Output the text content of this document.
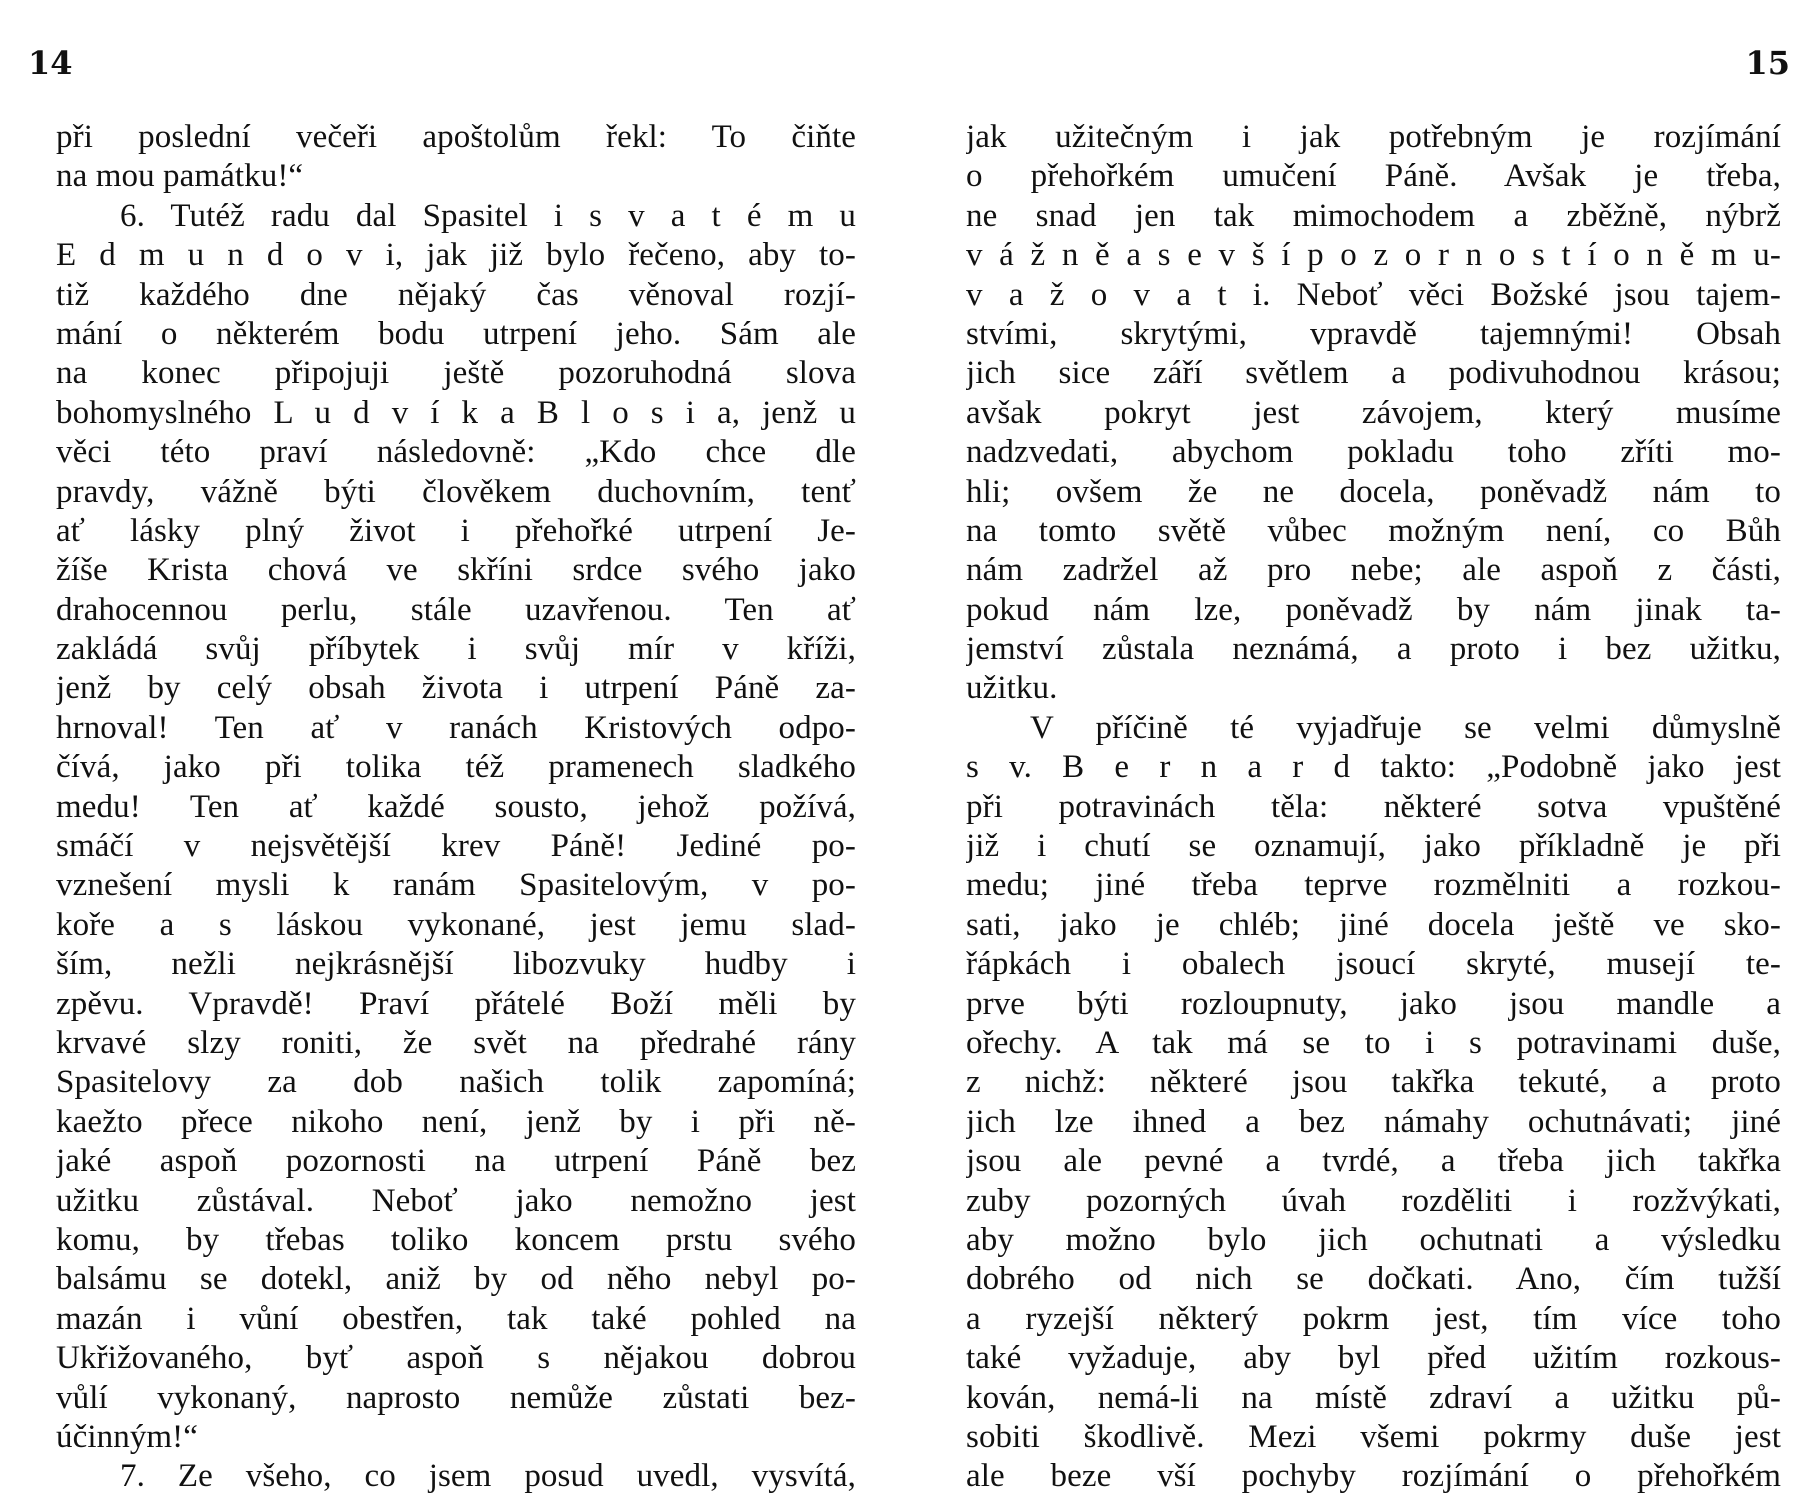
14
při poslední večeři apoštolům řekl: To čiňte
na mou památku!“
6. Tutéž radu dal Spasitel i s v a t é m u
E d m u n d o v i, jak již bylo řečeno, aby to-
tiž každého dne nějaký čas věnoval rozjí-
mání o některém bodu utrpení jeho. Sám ale
na konec připojuji ještě pozoruhodná slova
bohomyslného L u d v í k a B l o s i a, jenž u
věci této praví následovně: „Kdo chce dle
pravdy, vážně býti člověkem duchovním, tenť
ať lásky plný život i přehořké utrpení Je-
žíše Krista chová ve skříni srdce svého jako
drahocennou perlu, stále uzavřenou. Ten ať
zakládá svůj příbytek i svůj mír v kříži,
jenž by celý obsah života i utrpení Páně za-
hrnoval! Ten ať v ranách Kristových odpo-
čívá, jako při tolika též pramenech sladkého
medu! Ten ať každé sousto, jehož požívá,
smáčí v nejsvětější krev Páně! Jediné po-
vznešení mysli k ranám Spasitelovým, v po-
koře a s láskou vykonané, jest jemu slad-
ším, nežli nejkrásnější libozvuky hudby i
zpěvu. Vpravdě! Praví přátelé Boží měli by
krvavé slzy roniti, že svět na předrahé rány
Spasitelovy za dob našich tolik zapomíná;
kaežto přece nikoho není, jenž by i při ně-
jaké aspoň pozornosti na utrpení Páně bez
užitku zůstával. Neboť jako nemožno jest
komu, by třebas toliko koncem prstu svého
balsámu se dotekl, aniž by od něho nebyl po-
mazán i vůní obestřen, tak také pohled na
Ukřižovaného, byť aspoň s nějakou dobrou
vůlí vykonaný, naprosto nemůže zůstati bez-
účinným!“
7. Ze všeho, co jsem posud uvedl, vysvítá,
15
jak užitečným i jak potřebným je rozjímání
o přehořkém umučení Páně. Avšak je třeba,
ne snad jen tak mimochodem a zběžně, nýbrž
v á ž n ě a s e v š í p o z o r n o s t í o n ě m u-
v a ž o v a t i. Neboť věci Božské jsou tajem-
stvími, skrytými, vpravdě tajemnými! Obsah
jich sice září světlem a podivuhodnou krásou;
avšak pokryt jest závojem, který musíme
nadzvedati, abychom pokladu toho zříti mo-
hli; ovšem že ne docela, poněvadž nám to
na tomto světě vůbec možným není, co Bůh
nám zadržel až pro nebe; ale aspoň z části,
pokud nám lze, poněvadž by nám jinak ta-
jemství zůstala neznámá, a proto i bez užitku,
užitku.
V příčině té vyjadřuje se velmi důmyslně
s v. B e r n a r d takto: „Podobně jako jest
při potravinách těla: některé sotva vpuštěné
již i chutí se oznamují, jako příkladně je při
medu; jiné třeba teprve rozmělniti a rozkou-
sati, jako je chléb; jiné docela ještě ve sko-
řápkách i obalech jsoucí skryté, musejí te-
prve býti rozloupnuty, jako jsou mandle a
ořechy. A tak má se to i s potravinami duše,
z nichž: některé jsou takřka tekuté, a proto
jich lze ihned a bez námahy ochutnávati; jiné
jsou ale pevné a tvrdé, a třeba jich takřka
zuby pozorných úvah rozděliti i rozžvýkati,
aby možno bylo jich ochutnati a výsledku
dobrého od nich se dočkati. Ano, čím tužší
a ryzejší některý pokrm jest, tím více toho
také vyžaduje, aby byl před užitím rozkous-
kován, nemá-li na místě zdraví a užitku pů-
sobiti škodlivě. Mezi všemi pokrmy duše jest
ale beze vší pochyby rozjímání o přehořkém
